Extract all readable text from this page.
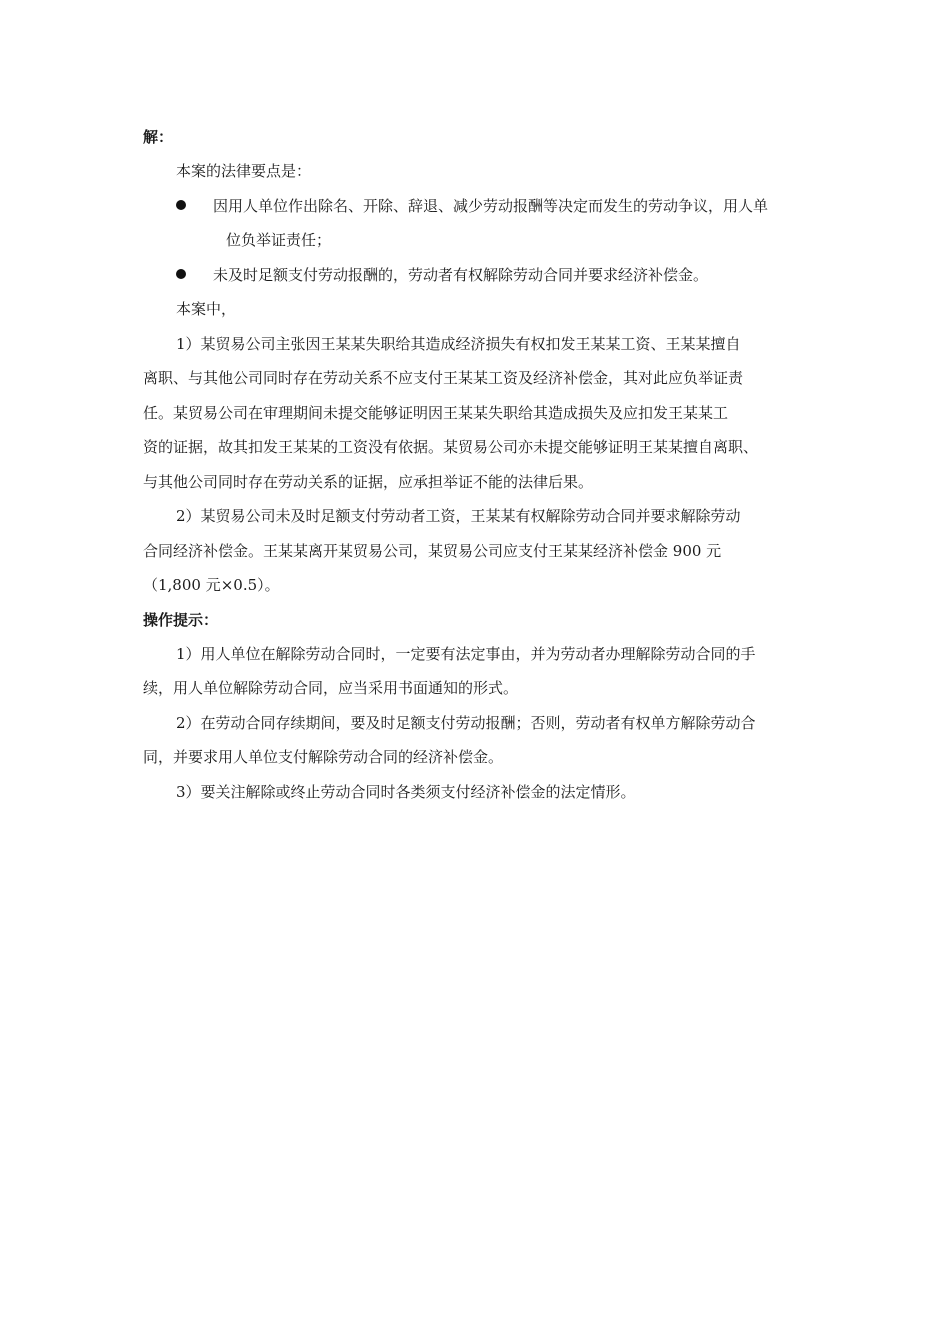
解：

本案的法律要点是：

因用人单位作出除名、开除、辞退、减少劳动报酬等决定而发生的劳动争议，用人单

位负举证责任；

未及时足额支付劳动报酬的，劳动者有权解除劳动合同并要求经济补偿金。

本案中，

1）某贸易公司主张因王某某失职给其造成经济损失有权扣发王某某工资、王某某擅自

离职、与其他公司同时存在劳动关系不应支付王某某工资及经济补偿金，其对此应负举证责

任。某贸易公司在审理期间未提交能够证明因王某某失职给其造成损失及应扣发王某某工

资的证据，故其扣发王某某的工资没有依据。某贸易公司亦未提交能够证明王某某擅自离职、

与其他公司同时存在劳动关系的证据，应承担举证不能的法律后果。

2）某贸易公司未及时足额支付劳动者工资，王某某有权解除劳动合同并要求解除劳动

合同经济补偿金。王某某离开某贸易公司，某贸易公司应支付王某某经济补偿金 900 元

（1,800 元×0.5）。

操作提示：

1）用人单位在解除劳动合同时，一定要有法定事由，并为劳动者办理解除劳动合同的手

续，用人单位解除劳动合同，应当采用书面通知的形式。

2）在劳动合同存续期间，要及时足额支付劳动报酬；否则，劳动者有权单方解除劳动合

同，并要求用人单位支付解除劳动合同的经济补偿金。

3）要关注解除或终止劳动合同时各类须支付经济补偿金的法定情形。
